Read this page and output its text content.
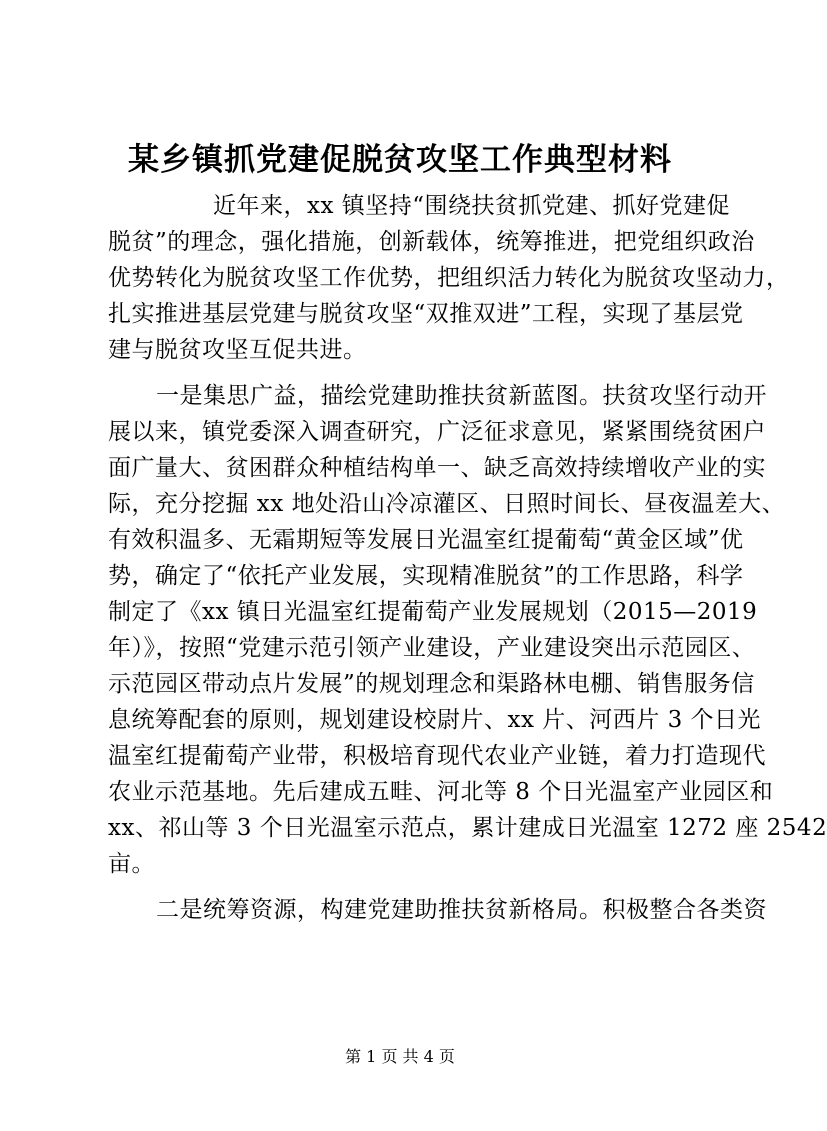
某乡镇抓党建促脱贫攻坚工作典型材料
近年来，xx 镇坚持“围绕扶贫抓党建、抓好党建促
脱贫”的理念，强化措施，创新载体，统筹推进，把党组织政治
优势转化为脱贫攻坚工作优势，把组织活力转化为脱贫攻坚动力，
扎实推进基层党建与脱贫攻坚“双推双进”工程，实现了基层党
建与脱贫攻坚互促共进。
一是集思广益，描绘党建助推扶贫新蓝图。扶贫攻坚行动开
展以来，镇党委深入调查研究，广泛征求意见，紧紧围绕贫困户
面广量大、贫困群众种植结构单一、缺乏高效持续增收产业的实
际，充分挖掘 xx 地处沿山冷凉灌区、日照时间长、昼夜温差大、
有效积温多、无霜期短等发展日光温室红提葡萄“黄金区域”优
势，确定了“依托产业发展，实现精准脱贫”的工作思路，科学
制定了《xx 镇日光温室红提葡萄产业发展规划（2015—2019
年）》，按照“党建示范引领产业建设，产业建设突出示范园区、
示范园区带动点片发展”的规划理念和渠路林电棚、销售服务信
息统筹配套的原则，规划建设校尉片、xx 片、河西片 3 个日光
温室红提葡萄产业带，积极培育现代农业产业链，着力打造现代
农业示范基地。先后建成五畦、河北等 8 个日光温室产业园区和
xx、祁山等 3 个日光温室示范点，累计建成日光温室 1272 座 2542
亩。
二是统筹资源，构建党建助推扶贫新格局。积极整合各类资
第 1 页 共 4 页
